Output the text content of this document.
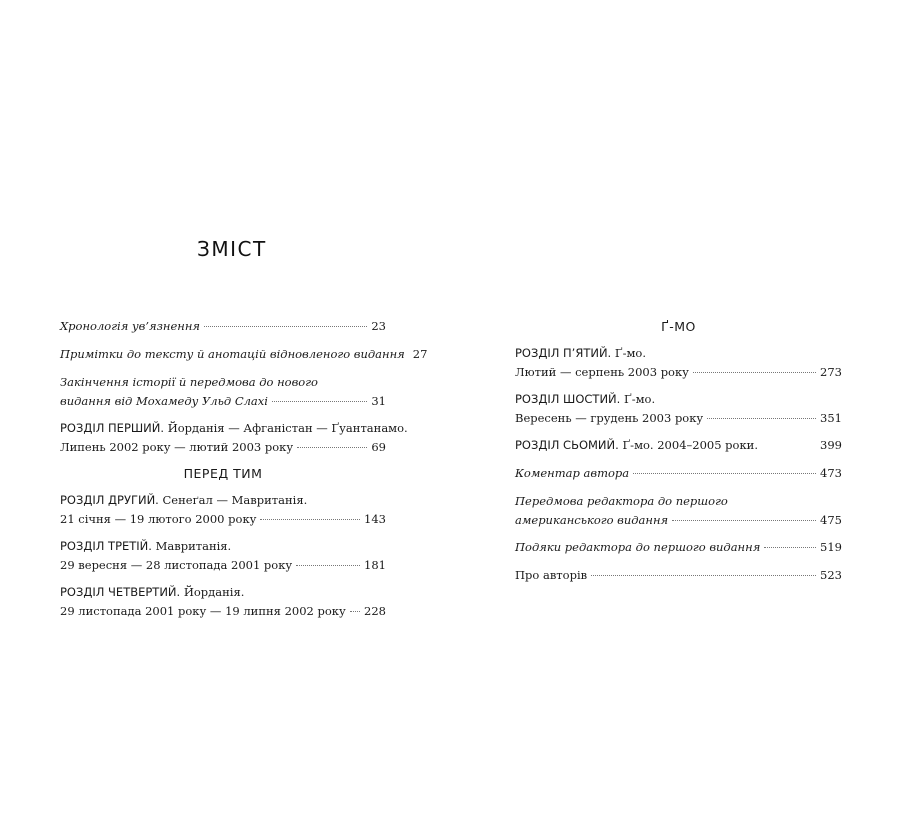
ЗМІСТ
Хронологія ув’язнення	23
Примітки до тексту й анотацій відновленого видання 27
Закінчення історії й передмова до нового
видання від Мохамеду Ульд Слахі	31
РОЗДІЛ ПЕРШИЙ. Йорданія — Афганістан — Ґуантанамо.
Липень 2002 року — лютий 2003 року	69
ПЕРЕД ТИМ
РОЗДІЛ ДРУГИЙ. Сенеґал — Мавританія.
21 січня — 19 лютого 2000 року	143
РОЗДІЛ ТРЕТІЙ. Мавританія.
29 вересня — 28 листопада 2001 року	181
РОЗДІЛ ЧЕТВЕРТИЙ. Йорданія.
29 листопада 2001 року — 19 липня 2002 року 228
Ґ-МО
РОЗДІЛ П’ЯТИЙ. Ґ-мо.
Лютий — серпень 2003 року	273
РОЗДІЛ ШОСТИЙ. Ґ-мо.
Вересень — грудень 2003 року	351
РОЗДІЛ СЬОМИЙ. Ґ-мо. 2004–2005 роки.	399
Коментар автора	473
Передмова редактора до першого
американського видання	475
Подяки редактора до першого видання	519
Про авторів	523
